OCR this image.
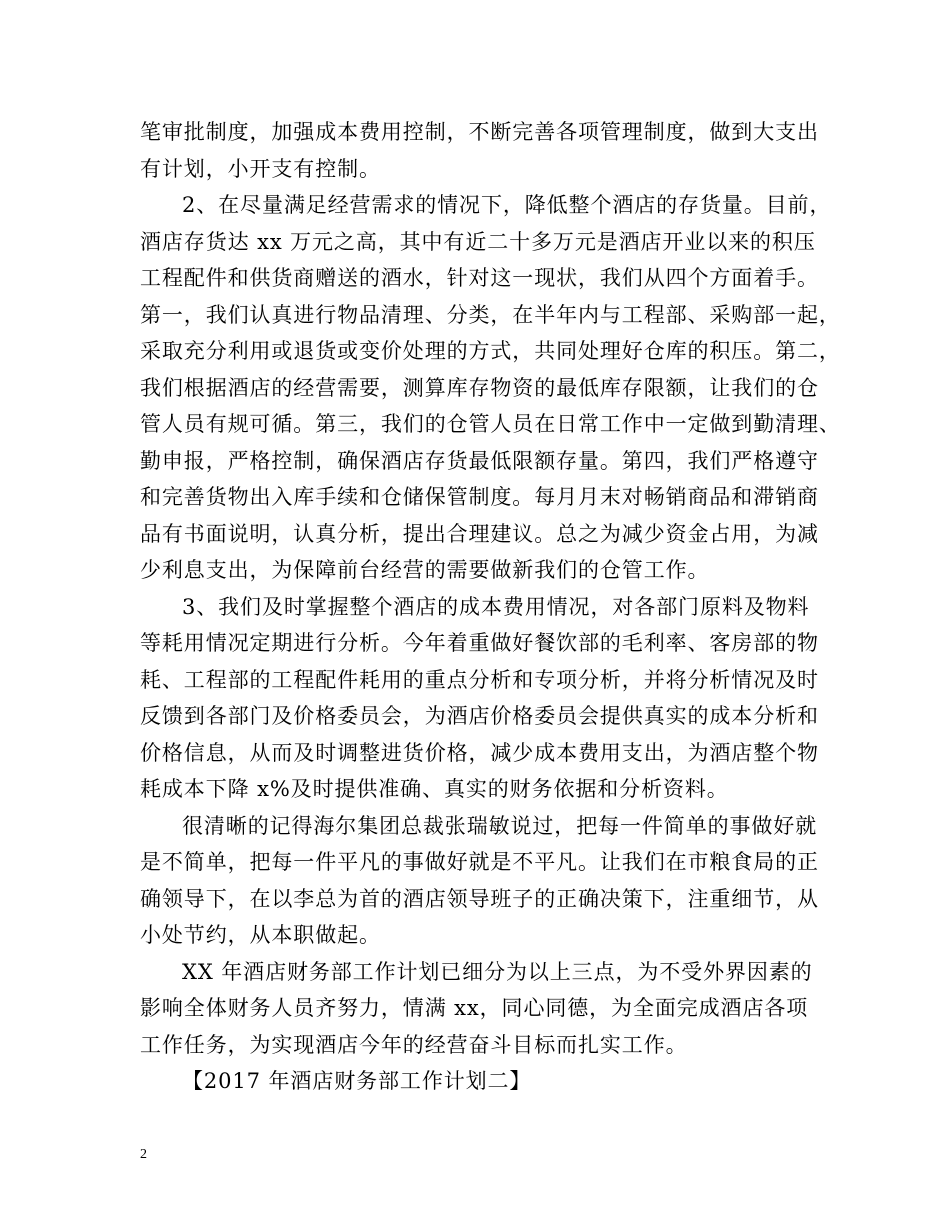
笔审批制度，加强成本费用控制，不断完善各项管理制度，做到大支出
有计划，小开支有控制。
2、在尽量满足经营需求的情况下，降低整个酒店的存货量。目前，
酒店存货达 xx 万元之高，其中有近二十多万元是酒店开业以来的积压
工程配件和供货商赠送的酒水，针对这一现状，我们从四个方面着手。
第一，我们认真进行物品清理、分类，在半年内与工程部、采购部一起，
采取充分利用或退货或变价处理的方式，共同处理好仓库的积压。第二，
我们根据酒店的经营需要，测算库存物资的最低库存限额，让我们的仓
管人员有规可循。第三，我们的仓管人员在日常工作中一定做到勤清理、
勤申报，严格控制，确保酒店存货最低限额存量。第四，我们严格遵守
和完善货物出入库手续和仓储保管制度。每月月末对畅销商品和滞销商
品有书面说明，认真分析，提出合理建议。总之为减少资金占用，为减
少利息支出，为保障前台经营的需要做新我们的仓管工作。
3、我们及时掌握整个酒店的成本费用情况，对各部门原料及物料
等耗用情况定期进行分析。今年着重做好餐饮部的毛利率、客房部的物
耗、工程部的工程配件耗用的重点分析和专项分析，并将分析情况及时
反馈到各部门及价格委员会，为酒店价格委员会提供真实的成本分析和
价格信息，从而及时调整进货价格，减少成本费用支出，为酒店整个物
耗成本下降 x%及时提供准确、真实的财务依据和分析资料。
很清晰的记得海尔集团总裁张瑞敏说过，把每一件简单的事做好就
是不简单，把每一件平凡的事做好就是不平凡。让我们在市粮食局的正
确领导下，在以李总为首的酒店领导班子的正确决策下，注重细节，从
小处节约，从本职做起。
XX 年酒店财务部工作计划已细分为以上三点，为不受外界因素的
影响全体财务人员齐努力，情满 xx，同心同德，为全面完成酒店各项
工作任务，为实现酒店今年的经营奋斗目标而扎实工作。
【2017 年酒店财务部工作计划二】
2
